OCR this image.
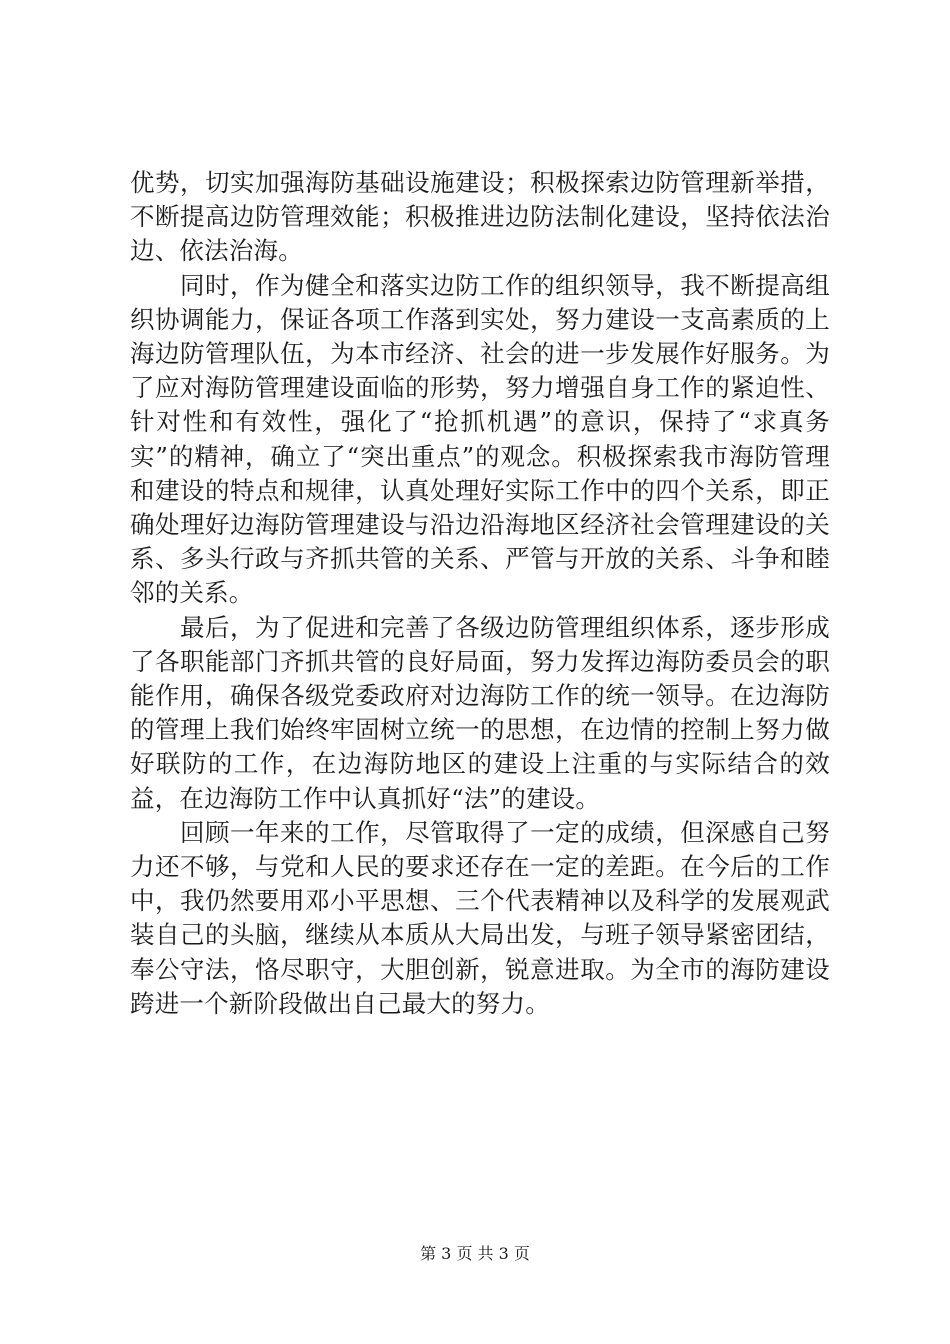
优势，切实加强海防基础设施建设；积极探索边防管理新举措，不断提高边防管理效能；积极推进边防法制化建设，坚持依法治边、依法治海。

同时，作为健全和落实边防工作的组织领导，我不断提高组织协调能力，保证各项工作落到实处，努力建设一支高素质的上海边防管理队伍，为本市经济、社会的进一步发展作好服务。为了应对海防管理建设面临的形势，努力增强自身工作的紧迫性、针对性和有效性，强化了“抢抓机遇”的意识，保持了“求真务实”的精神，确立了“突出重点”的观念。积极探索我市海防管理和建设的特点和规律，认真处理好实际工作中的四个关系，即正确处理好边海防管理建设与沿边沿海地区经济社会管理建设的关系、多头行政与齐抓共管的关系、严管与开放的关系、斗争和睦邻的关系。

最后，为了促进和完善了各级边防管理组织体系，逐步形成了各职能部门齐抓共管的良好局面，努力发挥边海防委员会的职能作用，确保各级党委政府对边海防工作的统一领导。在边海防的管理上我们始终牢固树立统一的思想，在边情的控制上努力做好联防的工作，在边海防地区的建设上注重的与实际结合的效益，在边海防工作中认真抓好“法”的建设。

回顾一年来的工作，尽管取得了一定的成绩，但深感自己努力还不够，与党和人民的要求还存在一定的差距。在今后的工作中，我仍然要用邓小平思想、三个代表精神以及科学的发展观武装自己的头脑，继续从本质从大局出发，与班子领导紧密团结，奉公守法，恪尽职守，大胆创新，锐意进取。为全市的海防建设跨进一个新阶段做出自己最大的努力。

第 3 页 共 3 页
